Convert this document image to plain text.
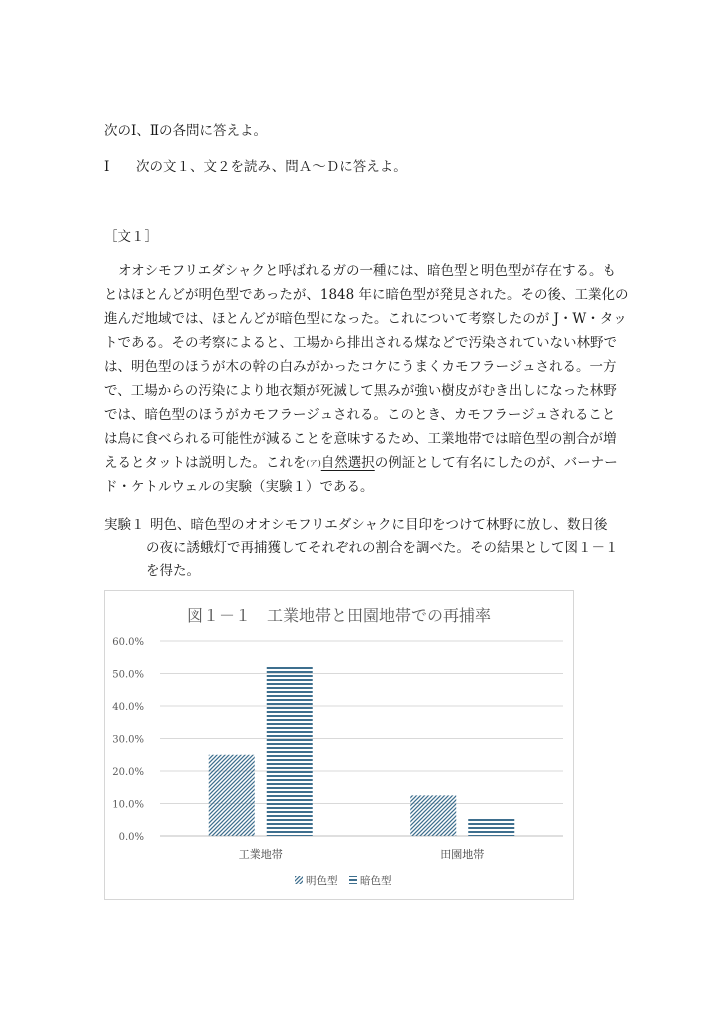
次のⅠ、Ⅱの各問に答えよ。
Ⅰ 次の文１、文２を読み、問Ａ～Ｄに答えよ。
［文１］
オオシモフリエダシャクと呼ばれるガの一種には、暗色型と明色型が存在する。も
とはほとんどが明色型であったが、1848 年に暗色型が発見された。その後、工業化の
進んだ地域では、ほとんどが暗色型になった。これについて考察したのが J・W・タッ
トである。その考察によると、工場から排出される煤などで汚染されていない林野で
は、明色型のほうが木の幹の白みがかったコケにうまくカモフラージュされる。一方
で、工場からの汚染により地衣類が死滅して黒みが強い樹皮がむき出しになった林野
では、暗色型のほうがカモフラージュされる。このとき、カモフラージュされること
は鳥に食べられる可能性が減ることを意味するため、工業地帯では暗色型の割合が増
えるとタットは説明した。これを(ア)自然選択の例証として有名にしたのが、バーナー
ド・ケトルウェルの実験（実験１）である。
実験１ 明色、暗色型のオオシモフリエダシャクに目印をつけて林野に放し、数日後
の夜に誘蛾灯で再捕獲してそれぞれの割合を調べた。その結果として図１－１
を得た。
図１－１　工業地帯と田園地帯での再捕率
0.0%
10.0%
20.0%
30.0%
40.0%
50.0%
60.0%
工業地帯	田園地帯
明色型 暗色型
